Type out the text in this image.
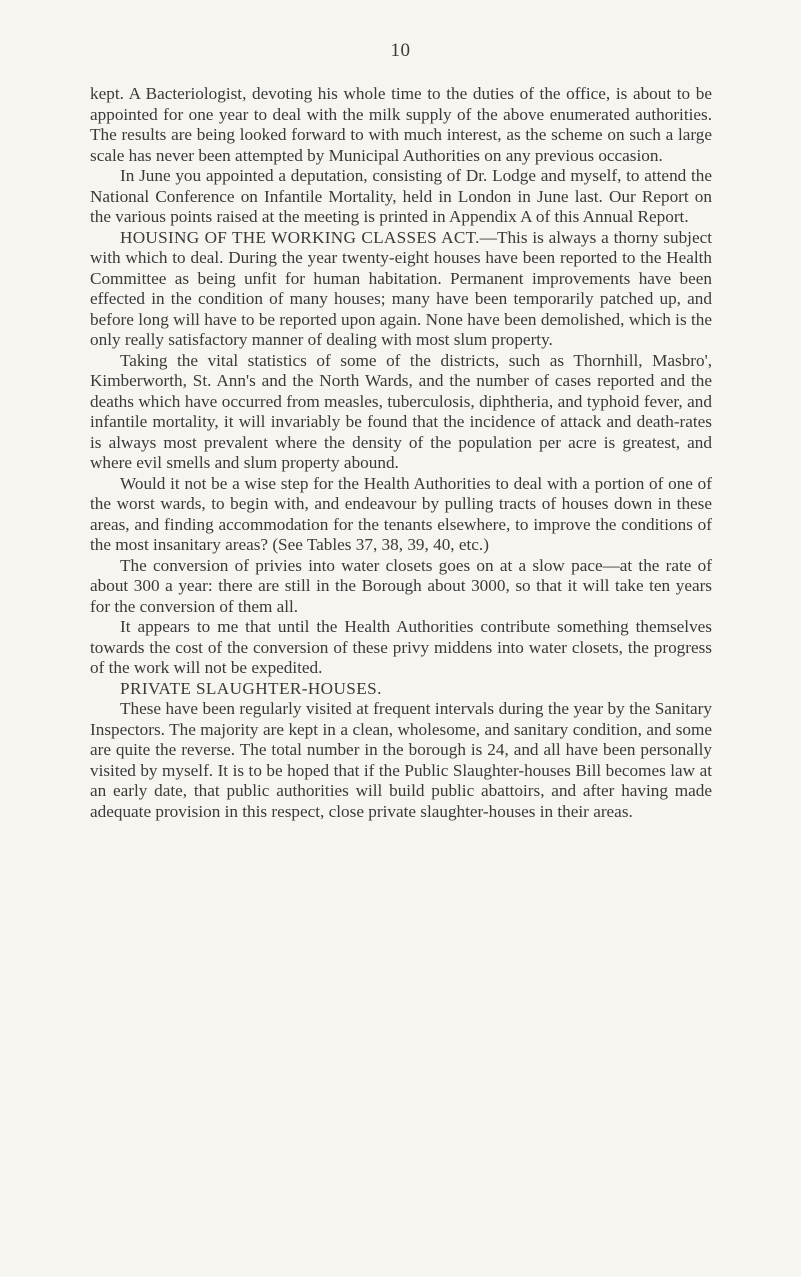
10

kept. A Bacteriologist, devoting his whole time to the duties of the office, is about to be appointed for one year to deal with the milk supply of the above enumerated authorities. The results are being looked forward to with much interest, as the scheme on such a large scale has never been attempted by Municipal Authorities on any previous occasion.

In June you appointed a deputation, consisting of Dr. Lodge and myself, to attend the National Conference on Infantile Mortality, held in London in June last. Our Report on the various points raised at the meeting is printed in Appendix A of this Annual Report.

HOUSING OF THE WORKING CLASSES ACT.—This is always a thorny subject with which to deal. During the year twenty-eight houses have been reported to the Health Committee as being unfit for human habitation. Permanent improvements have been effected in the condition of many houses; many have been temporarily patched up, and before long will have to be reported upon again. None have been demolished, which is the only really satisfactory manner of dealing with most slum property.

Taking the vital statistics of some of the districts, such as Thornhill, Masbro', Kimberworth, St. Ann's and the North Wards, and the number of cases reported and the deaths which have occurred from measles, tuberculosis, diphtheria, and typhoid fever, and infantile mortality, it will invariably be found that the incidence of attack and death-rates is always most prevalent where the density of the population per acre is greatest, and where evil smells and slum property abound.

Would it not be a wise step for the Health Authorities to deal with a portion of one of the worst wards, to begin with, and endeavour by pulling tracts of houses down in these areas, and finding accommodation for the tenants elsewhere, to improve the conditions of the most insanitary areas? (See Tables 37, 38, 39, 40, etc.)

The conversion of privies into water closets goes on at a slow pace—at the rate of about 300 a year: there are still in the Borough about 3000, so that it will take ten years for the conversion of them all.

It appears to me that until the Health Authorities contribute something themselves towards the cost of the conversion of these privy middens into water closets, the progress of the work will not be expedited.

PRIVATE SLAUGHTER-HOUSES.

These have been regularly visited at frequent intervals during the year by the Sanitary Inspectors. The majority are kept in a clean, wholesome, and sanitary condition, and some are quite the reverse. The total number in the borough is 24, and all have been personally visited by myself. It is to be hoped that if the Public Slaughter-houses Bill becomes law at an early date, that public authorities will build public abattoirs, and after having made adequate provision in this respect, close private slaughter-houses in their areas.
